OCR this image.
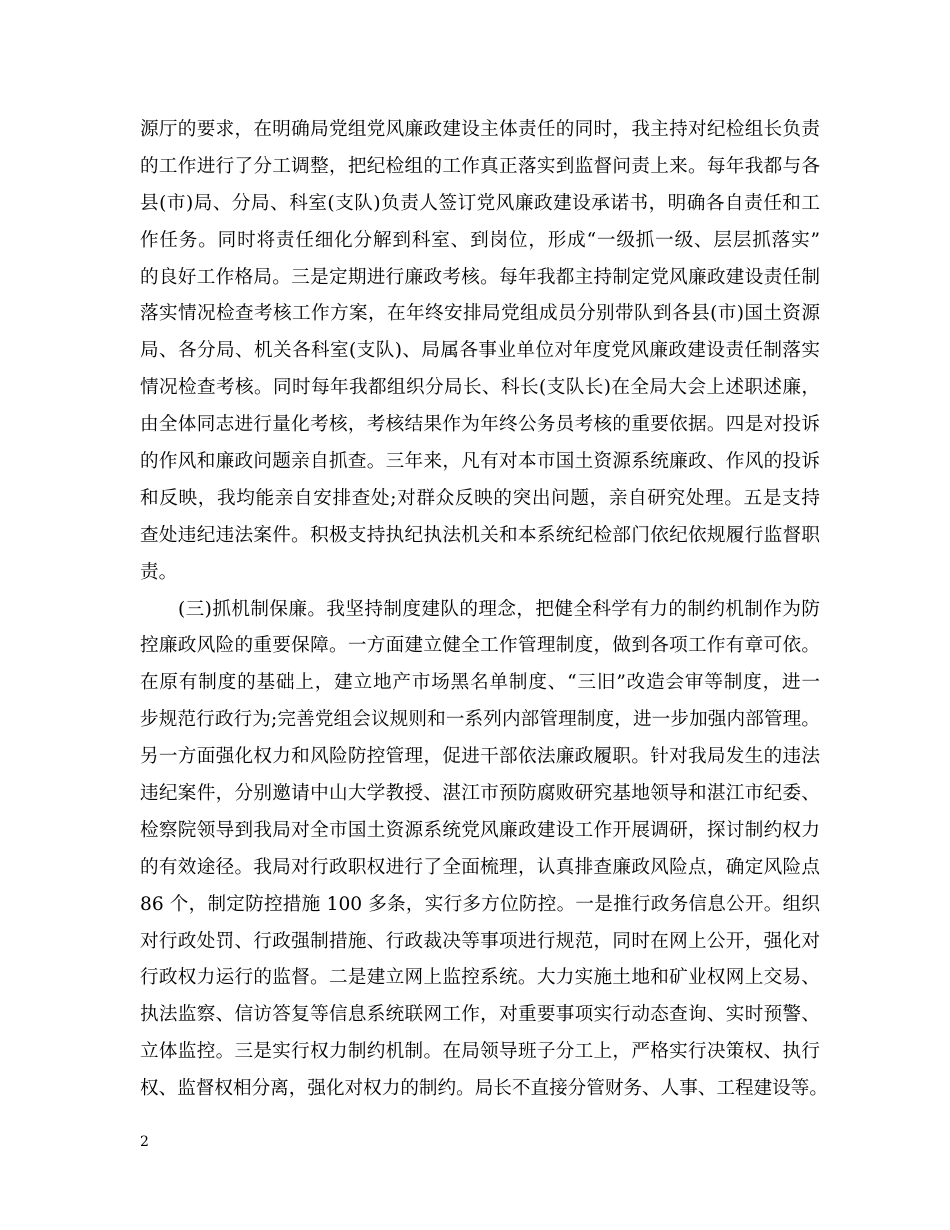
源厅的要求，在明确局党组党风廉政建设主体责任的同时，我主持对纪检组长负责
的工作进行了分工调整，把纪检组的工作真正落实到监督问责上来。每年我都与各
县(市)局、分局、科室(支队)负责人签订党风廉政建设承诺书，明确各自责任和工
作任务。同时将责任细化分解到科室、到岗位，形成“一级抓一级、层层抓落实”
的良好工作格局。三是定期进行廉政考核。每年我都主持制定党风廉政建设责任制
落实情况检查考核工作方案，在年终安排局党组成员分别带队到各县(市)国土资源
局、各分局、机关各科室(支队)、局属各事业单位对年度党风廉政建设责任制落实
情况检查考核。同时每年我都组织分局长、科长(支队长)在全局大会上述职述廉，
由全体同志进行量化考核，考核结果作为年终公务员考核的重要依据。四是对投诉
的作风和廉政问题亲自抓查。三年来，凡有对本市国土资源系统廉政、作风的投诉
和反映，我均能亲自安排查处;对群众反映的突出问题，亲自研究处理。五是支持
查处违纪违法案件。积极支持执纪执法机关和本系统纪检部门依纪依规履行监督职
责。
　　(三)抓机制保廉。我坚持制度建队的理念，把健全科学有力的制约机制作为防
控廉政风险的重要保障。一方面建立健全工作管理制度，做到各项工作有章可依。
在原有制度的基础上，建立地产市场黑名单制度、“三旧”改造会审等制度，进一
步规范行政行为;完善党组会议规则和一系列内部管理制度，进一步加强内部管理。
另一方面强化权力和风险防控管理，促进干部依法廉政履职。针对我局发生的违法
违纪案件，分别邀请中山大学教授、湛江市预防腐败研究基地领导和湛江市纪委、
检察院领导到我局对全市国土资源系统党风廉政建设工作开展调研，探讨制约权力
的有效途径。我局对行政职权进行了全面梳理，认真排查廉政风险点，确定风险点
86 个，制定防控措施 100 多条，实行多方位防控。一是推行政务信息公开。组织
对行政处罚、行政强制措施、行政裁决等事项进行规范，同时在网上公开，强化对
行政权力运行的监督。二是建立网上监控系统。大力实施土地和矿业权网上交易、
执法监察、信访答复等信息系统联网工作，对重要事项实行动态查询、实时预警、
立体监控。三是实行权力制约机制。在局领导班子分工上，严格实行决策权、执行
权、监督权相分离，强化对权力的制约。局长不直接分管财务、人事、工程建设等。
2
